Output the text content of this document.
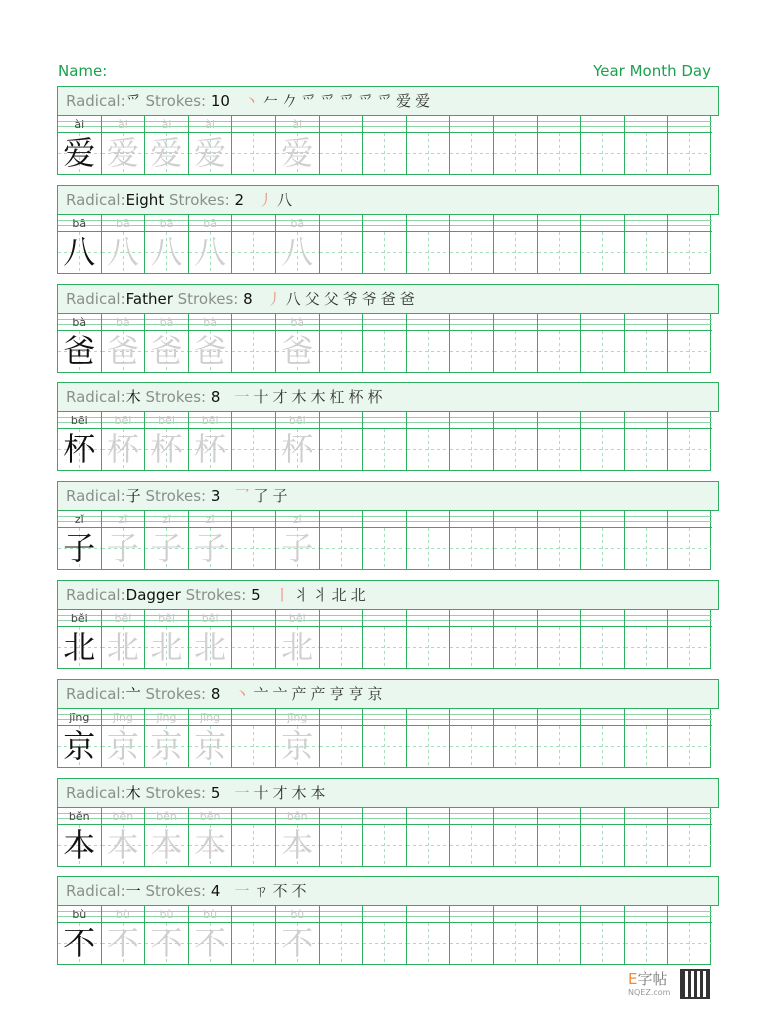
Name:	Year Month Day
Radical:爫 Strokes: 10 丶𠂉𠂊爫爫爫爫爫爱爱
ài
爱
ài
爱
ài
爱
ài
爱
ài
爱
Radical:Eight Strokes: 2 丿八
bā
八
bā
八
bā
八
bā
八
bā
八
Radical:Father Strokes: 8 丿八父父爷爷爸爸
bà
爸
bà
爸
bà
爸
bà
爸
bà
爸
Radical:木 Strokes: 8 一十才木木杠杯杯
bēi
杯
bēi
杯
bēi
杯
bēi
杯
bēi
杯
Radical:子 Strokes: 3 乛了子
zǐ
子
zǐ
子
zǐ
子
zǐ
子
zǐ
子
Radical:Dagger Strokes: 5 丨丬丬北北
běi
北
běi
北
běi
北
běi
北
běi
北
Radical:亠 Strokes: 8 丶亠亠产产亨亨京
jīng
京
jīng
京
jīng
京
jīng
京
jīng
京
Radical:木 Strokes: 5 一十才木本
běn
本
běn
本
běn
本
běn
本
běn
本
Radical:一 Strokes: 4 一ㄗ不不
bù
不
bù
不
bù
不
bù
不
bù
不
E字帖
NQEZ.com
